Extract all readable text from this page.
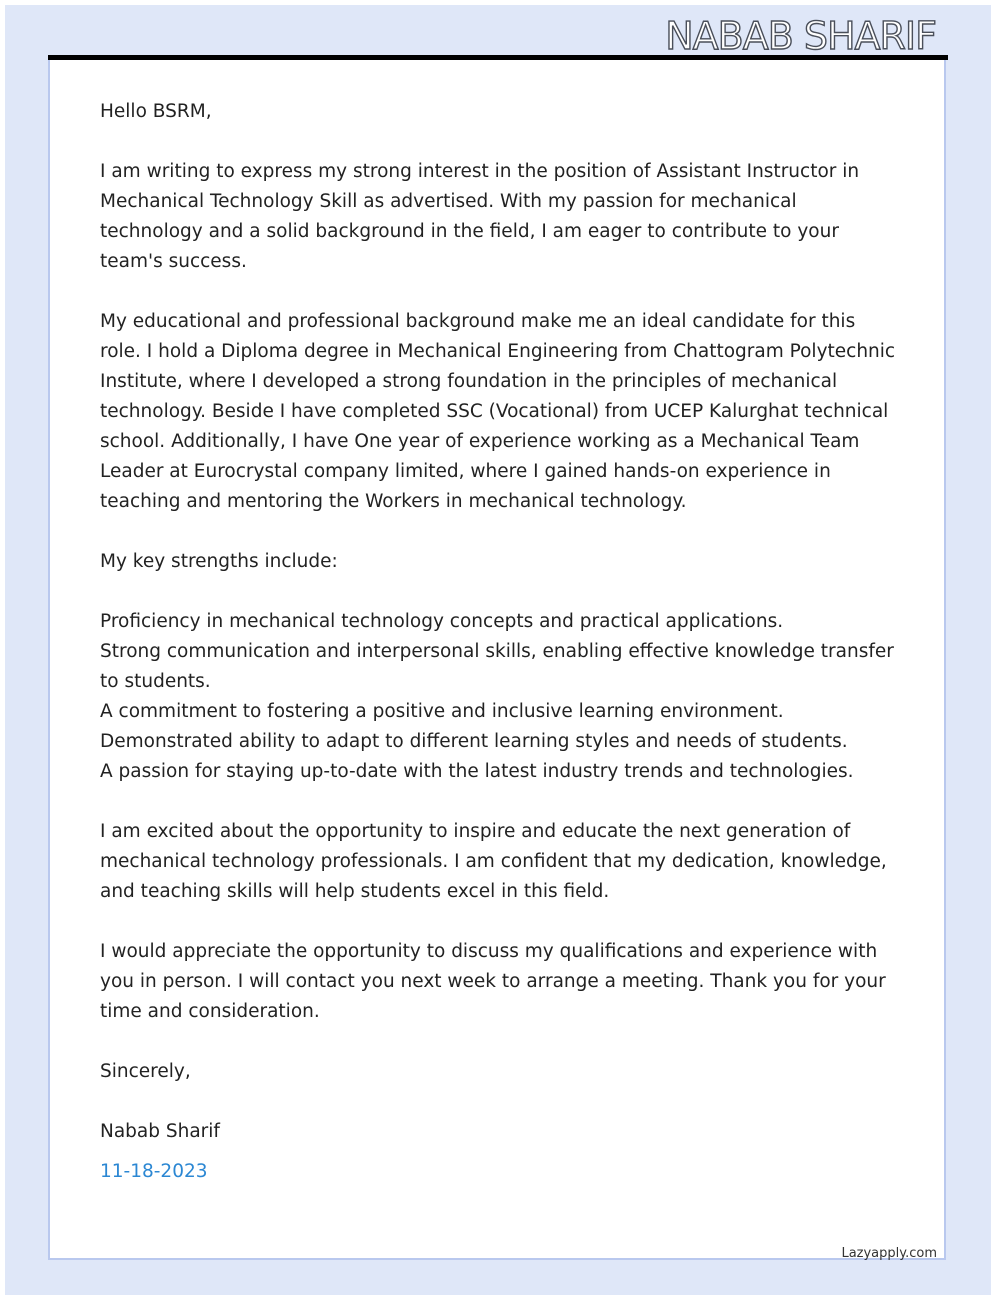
NABAB SHARIF

Hello BSRM,

I am writing to express my strong interest in the position of Assistant Instructor in Mechanical Technology Skill as advertised. With my passion for mechanical technology and a solid background in the field, I am eager to contribute to your team's success.

My educational and professional background make me an ideal candidate for this role. I hold a Diploma degree in Mechanical Engineering from Chattogram Polytechnic Institute, where I developed a strong foundation in the principles of mechanical technology. Beside I have completed SSC (Vocational) from UCEP Kalurghat technical school. Additionally, I have One year of experience working as a Mechanical Team Leader at Eurocrystal company limited, where I gained hands-on experience in teaching and mentoring the Workers in mechanical technology.

My key strengths include:

Proficiency in mechanical technology concepts and practical applications.

Strong communication and interpersonal skills, enabling effective knowledge transfer to students.

A commitment to fostering a positive and inclusive learning environment.

Demonstrated ability to adapt to different learning styles and needs of students.

A passion for staying up-to-date with the latest industry trends and technologies.

I am excited about the opportunity to inspire and educate the next generation of mechanical technology professionals. I am confident that my dedication, knowledge, and teaching skills will help students excel in this field.

I would appreciate the opportunity to discuss my qualifications and experience with you in person. I will contact you next week to arrange a meeting. Thank you for your time and consideration.

Sincerely,

Nabab Sharif

11-18-2023

Lazyapply.com
